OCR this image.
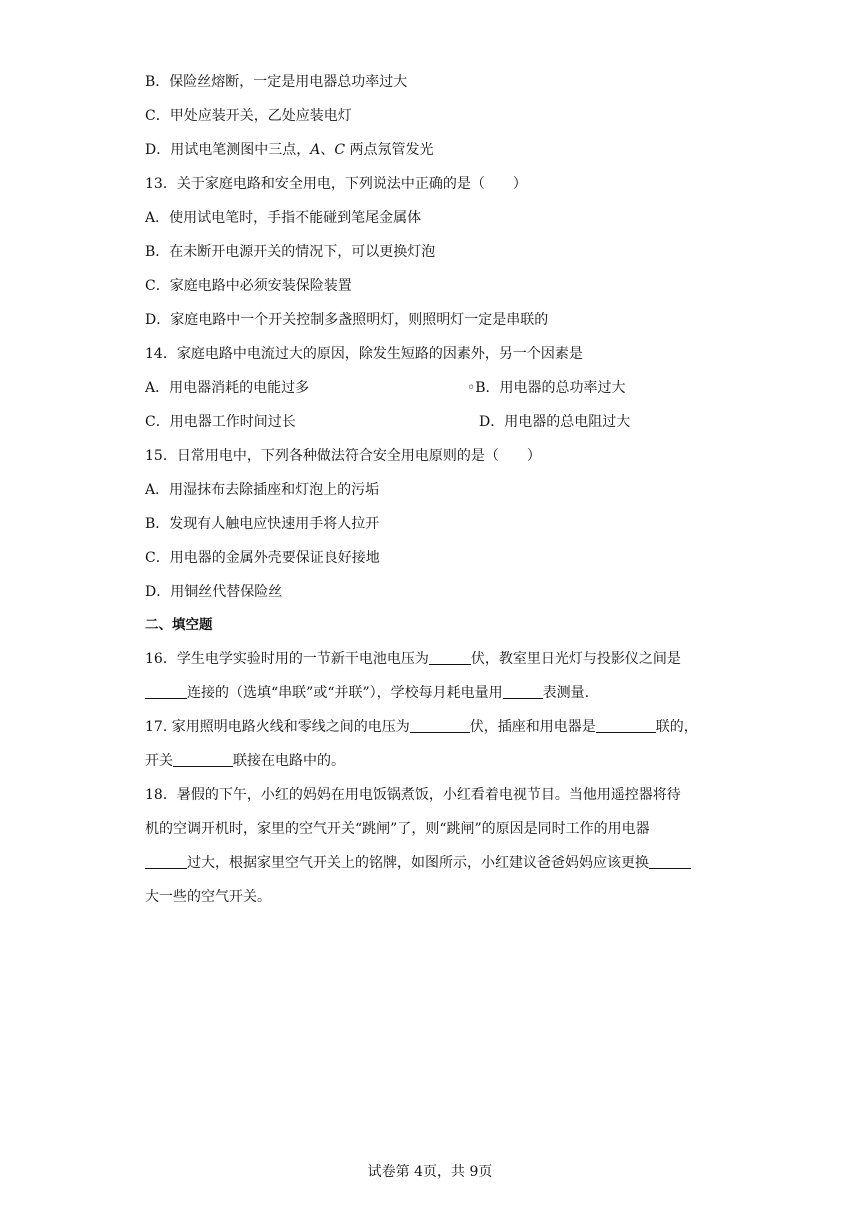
B．保险丝熔断，一定是用电器总功率过大
C．甲处应装开关，乙处应装电灯
D．用试电笔测图中三点，A、C 两点氖管发光
13．关于家庭电路和安全用电，下列说法中正确的是（　　）
A．使用试电笔时，手指不能碰到笔尾金属体
B．在未断开电源开关的情况下，可以更换灯泡
C．家庭电路中必须安装保险装置
D．家庭电路中一个开关控制多盏照明灯，则照明灯一定是串联的
14．家庭电路中电流过大的原因，除发生短路的因素外，另一个因素是
A．用电器消耗的电能过多	◦B．用电器的总功率过大
C．用电器工作时间过长	D．用电器的总电阻过大
15．日常用电中，下列各种做法符合安全用电原则的是（　　）
A．用湿抹布去除插座和灯泡上的污垢
B．发现有人触电应快速用手将人拉开
C．用电器的金属外壳要保证良好接地
D．用铜丝代替保险丝
二、填空题
16．学生电学实验时用的一节新干电池电压为	伏，教室里日光灯与投影仪之间是
连接的（选填“串联”或“并联”），学校每月耗电量用	表测量.
17. 家用照明电路火线和零线之间的电压为	伏，插座和用电器是	联的，
开关	联接在电路中的。
18．暑假的下午，小红的妈妈在用电饭锅煮饭，小红看着电视节目。当他用遥控器将待
机的空调开机时，家里的空气开关“跳闸”了，则“跳闸”的原因是同时工作的用电器
过大，根据家里空气开关上的铭牌，如图所示，小红建议爸爸妈妈应该更换
大一些的空气开关。
试卷第 4页，共 9页
